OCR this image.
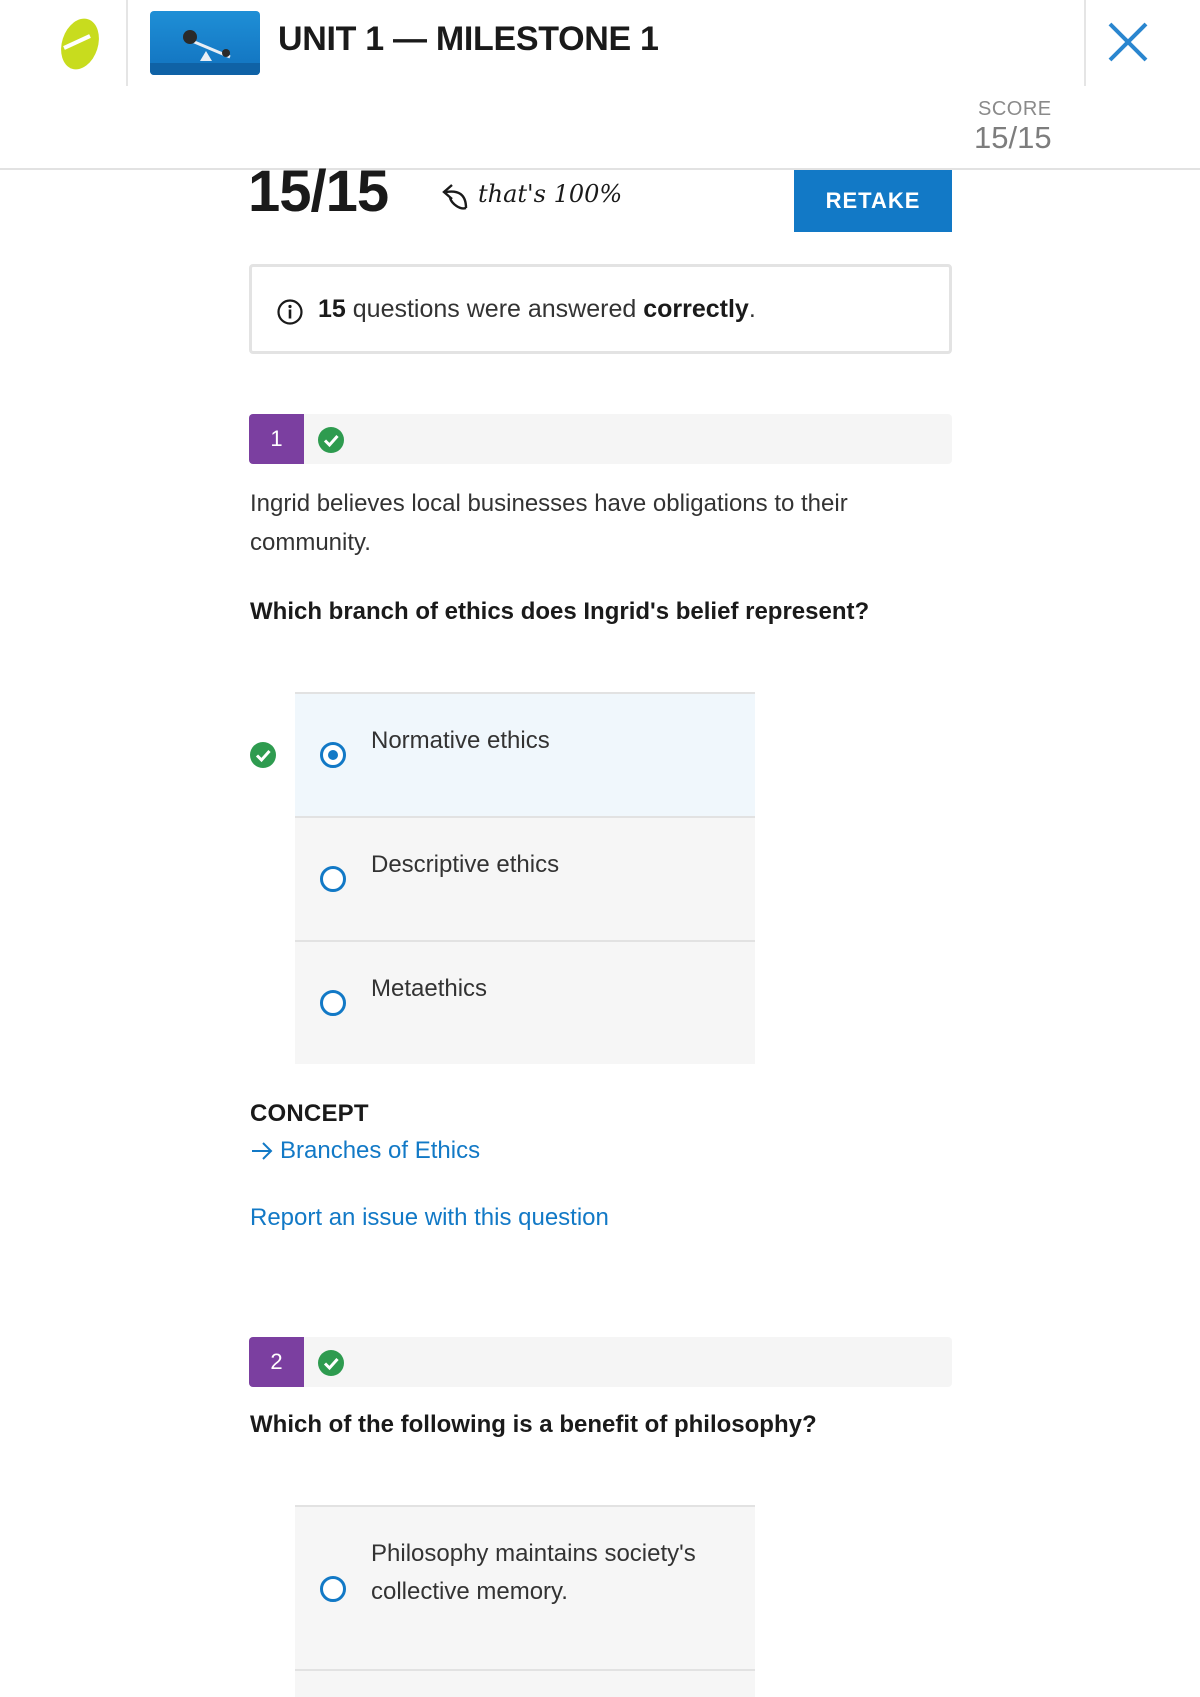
UNIT 1 — MILESTONE 1
SCORE
15/15
15/15	that's 100%	RETAKE
15 questions were answered correctly.
1
Ingrid believes local businesses have obligations to their community.
Which branch of ethics does Ingrid's belief represent?
Normative ethics
Descriptive ethics
Metaethics
CONCEPT
Branches of Ethics
Report an issue with this question
2
Which of the following is a benefit of philosophy?
Philosophy maintains society's collective memory.
